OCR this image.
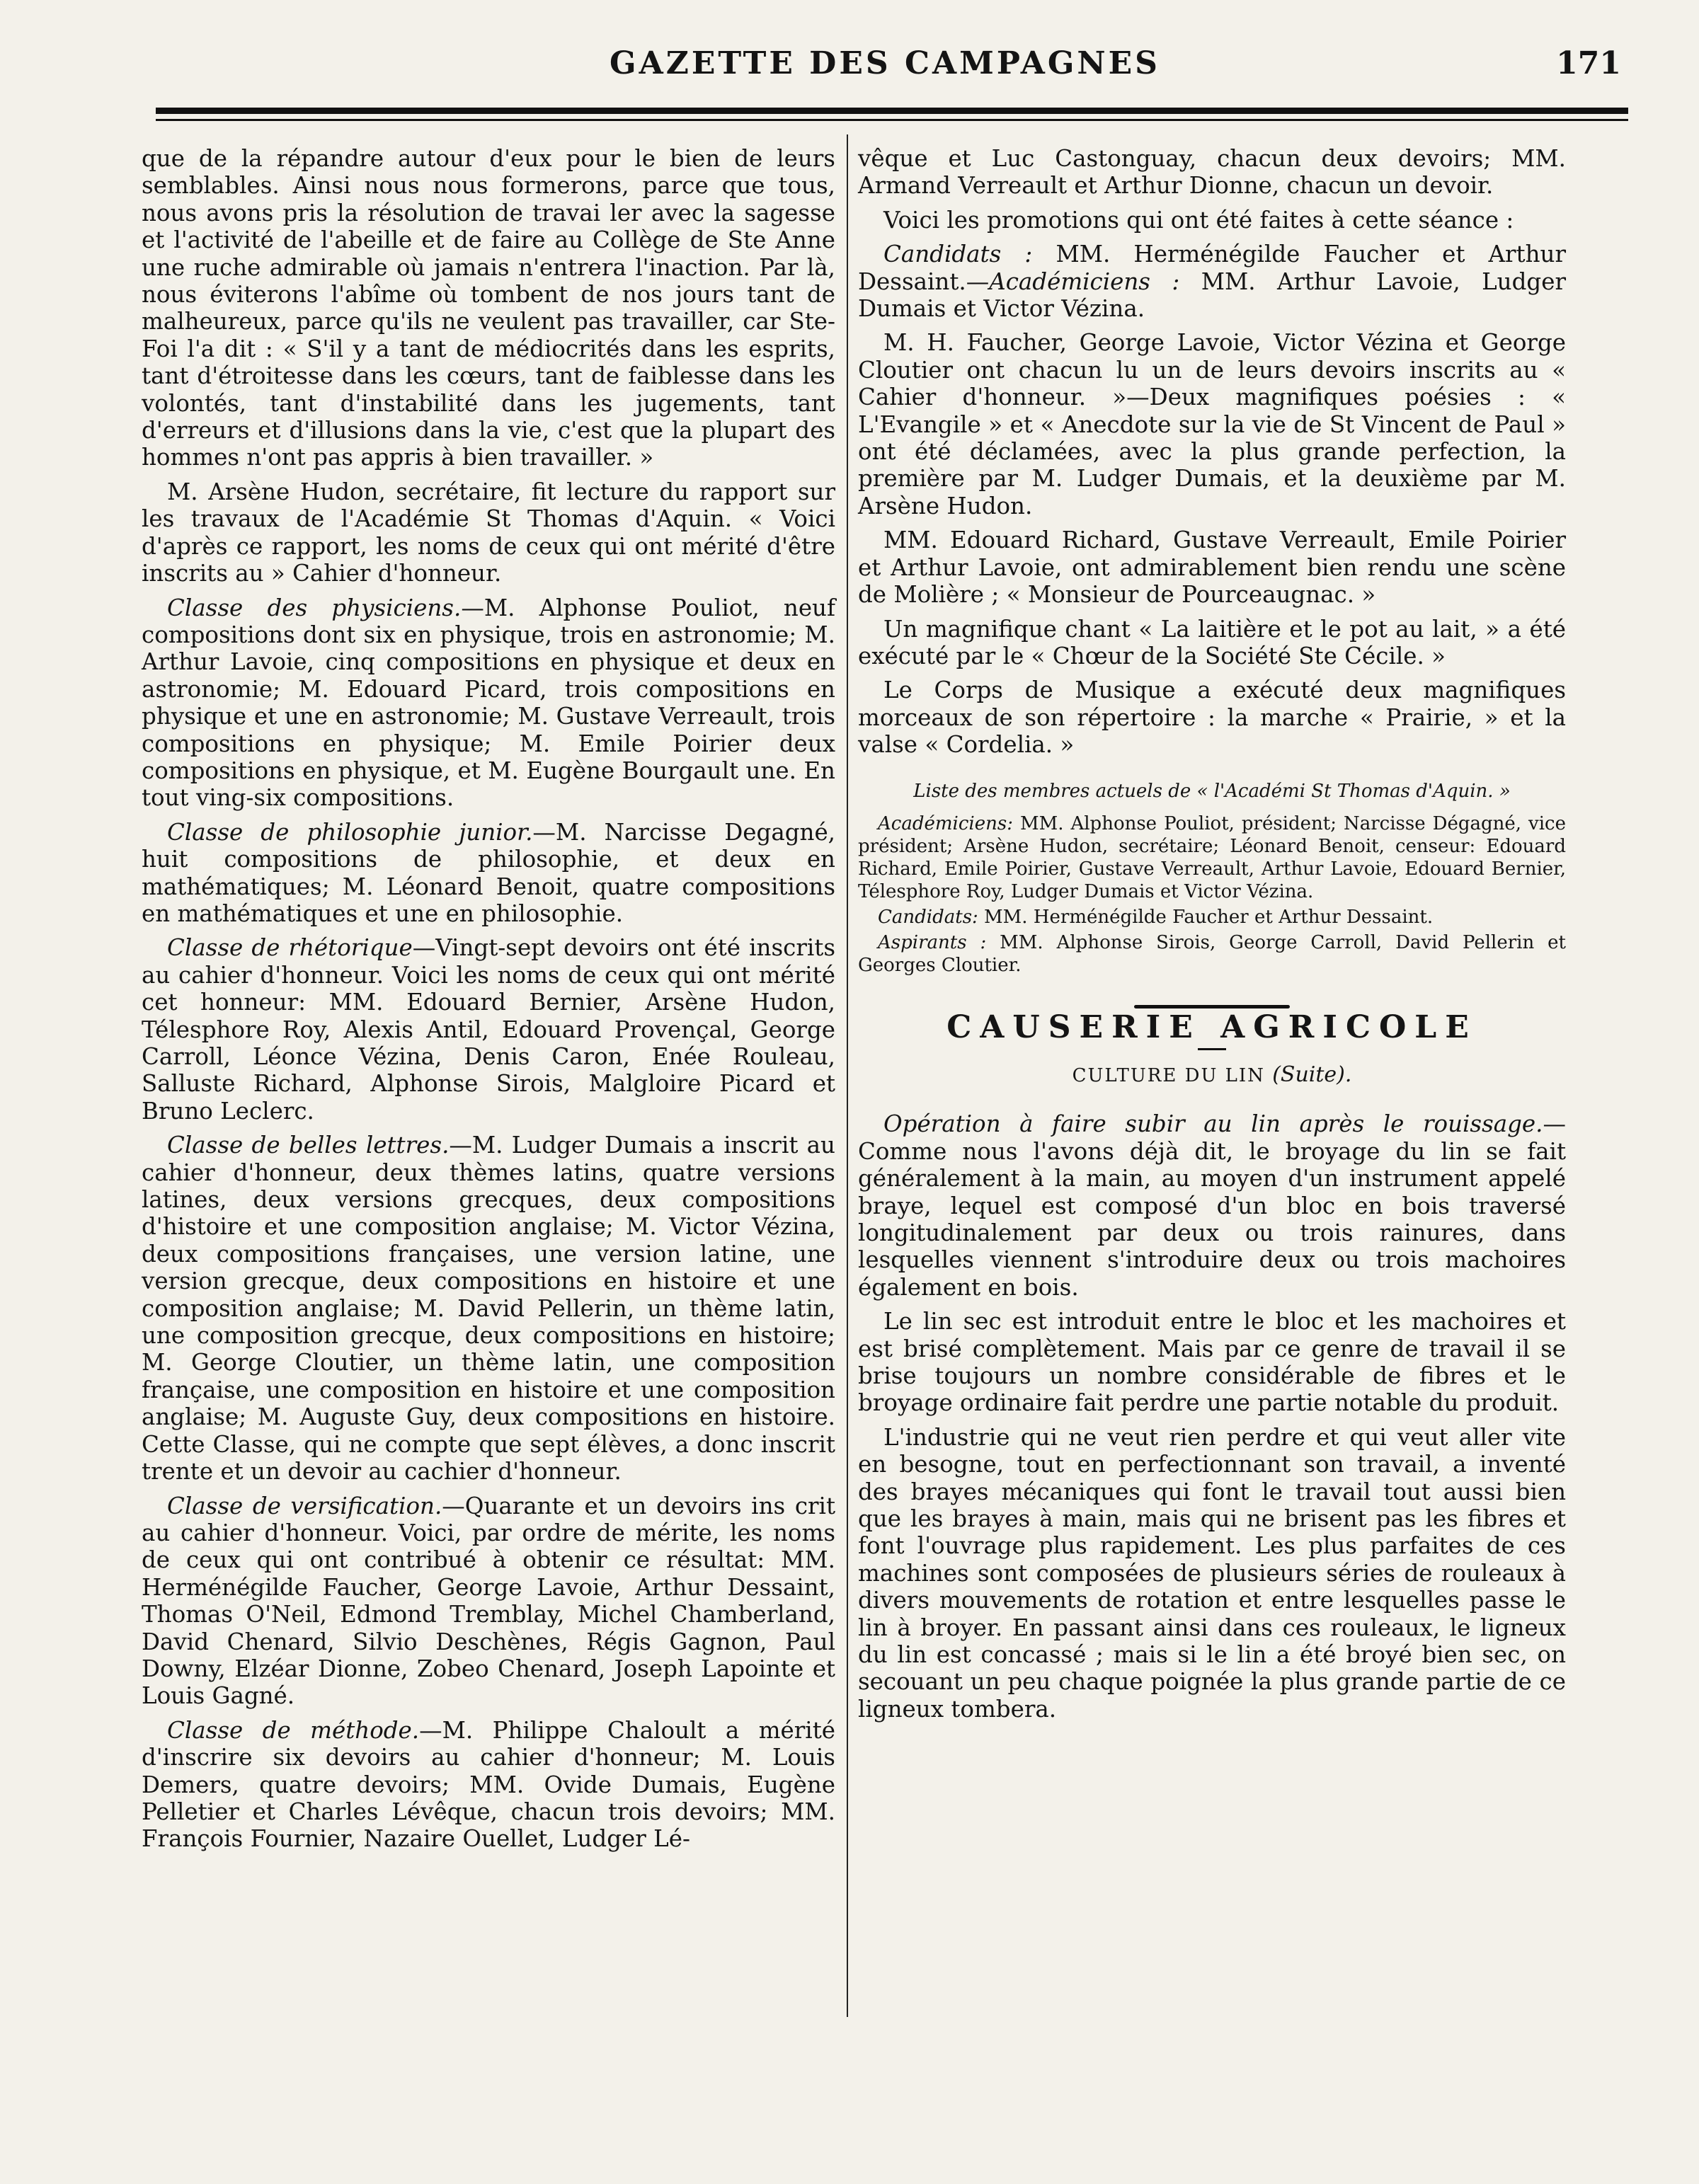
GAZETTE DES CAMPAGNES	171

que de la répandre autour d'eux pour le bien de leurs semblables. Ainsi nous nous formerons, parce que tous, nous avons pris la résolution de travai ler avec la sagesse et l'activité de l'abeille et de faire au Collège de Ste Anne une ruche admirable où jamais n'entrera l'inaction. Par là, nous éviterons l'abîme où tombent de nos jours tant de malheureux, parce qu'ils ne veulent pas travailler, car Ste-Foi l'a dit : « S'il y a tant de médiocrités dans les esprits, tant d'étroitesse dans les cœurs, tant de faiblesse dans les volontés, tant d'instabilité dans les jugements, tant d'erreurs et d'illusions dans la vie, c'est que la plupart des hommes n'ont pas appris à bien travailler. »

M. Arsène Hudon, secrétaire, fit lecture du rapport sur les travaux de l'Académie St Thomas d'Aquin. « Voici d'après ce rapport, les noms de ceux qui ont mérité d'être inscrits au » Cahier d'honneur.

Classe des physiciens.—M. Alphonse Pouliot, neuf compositions dont six en physique, trois en astronomie; M. Arthur Lavoie, cinq compositions en physique et deux en astronomie; M. Edouard Picard, trois compositions en physique et une en astronomie; M. Gustave Verreault, trois compositions en physique; M. Emile Poirier deux compositions en physique, et M. Eugène Bourgault une. En tout ving-six compositions.

Classe de philosophie junior.—M. Narcisse Degagné, huit compositions de philosophie, et deux en mathématiques; M. Léonard Benoit, quatre compositions en mathématiques et une en philosophie.

Classe de rhétorique—Vingt-sept devoirs ont été inscrits au cahier d'honneur. Voici les noms de ceux qui ont mérité cet honneur: MM. Edouard Bernier, Arsène Hudon, Télesphore Roy, Alexis Antil, Edouard Provençal, George Carroll, Léonce Vézina, Denis Caron, Enée Rouleau, Salluste Richard, Alphonse Sirois, Malgloire Picard et Bruno Leclerc.

Classe de belles lettres.—M. Ludger Dumais a inscrit au cahier d'honneur, deux thèmes latins, quatre versions latines, deux versions grecques, deux compositions d'histoire et une composition anglaise; M. Victor Vézina, deux compositions françaises, une version latine, une version grecque, deux compositions en histoire et une composition anglaise; M. David Pellerin, un thème latin, une composition grecque, deux compositions en histoire; M. George Cloutier, un thème latin, une composition française, une composition en histoire et une composition anglaise; M. Auguste Guy, deux compositions en histoire. Cette Classe, qui ne compte que sept élèves, a donc inscrit trente et un devoir au cachier d'honneur.

Classe de versification.—Quarante et un devoirs ins crit au cahier d'honneur. Voici, par ordre de mérite, les noms de ceux qui ont contribué à obtenir ce résultat: MM. Herménégilde Faucher, George Lavoie, Arthur Dessaint, Thomas O'Neil, Edmond Tremblay, Michel Chamberland, David Chenard, Silvio Deschènes, Régis Gagnon, Paul Downy, Elzéar Dionne, Zobeo Chenard, Joseph Lapointe et Louis Gagné.

Classe de méthode.—M. Philippe Chaloult a mérité d'inscrire six devoirs au cahier d'honneur; M. Louis Demers, quatre devoirs; MM. Ovide Dumais, Eugène Pelletier et Charles Lévêque, chacun trois devoirs; MM. François Fournier, Nazaire Ouellet, Ludger Lé-

vêque et Luc Castonguay, chacun deux devoirs; MM. Armand Verreault et Arthur Dionne, chacun un devoir.

Voici les promotions qui ont été faites à cette séance :

Candidats : MM. Herménégilde Faucher et Arthur Dessaint.—Académiciens : MM. Arthur Lavoie, Ludger Dumais et Victor Vézina.

M. H. Faucher, George Lavoie, Victor Vézina et George Cloutier ont chacun lu un de leurs devoirs inscrits au « Cahier d'honneur. »—Deux magnifiques poésies : « L'Evangile » et « Anecdote sur la vie de St Vincent de Paul » ont été déclamées, avec la plus grande perfection, la première par M. Ludger Dumais, et la deuxième par M. Arsène Hudon.

MM. Edouard Richard, Gustave Verreault, Emile Poirier et Arthur Lavoie, ont admirablement bien rendu une scène de Molière ; « Monsieur de Pourceaugnac. »

Un magnifique chant « La laitière et le pot au lait, » a été exécuté par le « Chœur de la Société Ste Cécile. »

Le Corps de Musique a exécuté deux magnifiques morceaux de son répertoire : la marche « Prairie, » et la valse « Cordelia. »

Liste des membres actuels de « l'Académi St Thomas d'Aquin. »

Académiciens: MM. Alphonse Pouliot, président; Narcisse Dégagné, vice président; Arsène Hudon, secrétaire; Léonard Benoit, censeur: Edouard Richard, Emile Poirier, Gustave Verreault, Arthur Lavoie, Edouard Bernier, Télesphore Roy, Ludger Dumais et Victor Vézina.

Candidats: MM. Herménégilde Faucher et Arthur Dessaint.

Aspirants : MM. Alphonse Sirois, George Carroll, David Pellerin et Georges Cloutier.

CAUSERIE AGRICOLE
CULTURE DU LIN (Suite).

Opération à faire subir au lin après le rouissage.— Comme nous l'avons déjà dit, le broyage du lin se fait généralement à la main, au moyen d'un instrument appelé braye, lequel est composé d'un bloc en bois traversé longitudinalement par deux ou trois rainures, dans lesquelles viennent s'introduire deux ou trois machoires également en bois.

Le lin sec est introduit entre le bloc et les machoires et est brisé complètement. Mais par ce genre de travail il se brise toujours un nombre considérable de fibres et le broyage ordinaire fait perdre une partie notable du produit.

L'industrie qui ne veut rien perdre et qui veut aller vite en besogne, tout en perfectionnant son travail, a inventé des brayes mécaniques qui font le travail tout aussi bien que les brayes à main, mais qui ne brisent pas les fibres et font l'ouvrage plus rapidement. Les plus parfaites de ces machines sont composées de plusieurs séries de rouleaux à divers mouvements de rotation et entre lesquelles passe le lin à broyer. En passant ainsi dans ces rouleaux, le ligneux du lin est concassé ; mais si le lin a été broyé bien sec, on secouant un peu chaque poignée la plus grande partie de ce ligneux tombera.
